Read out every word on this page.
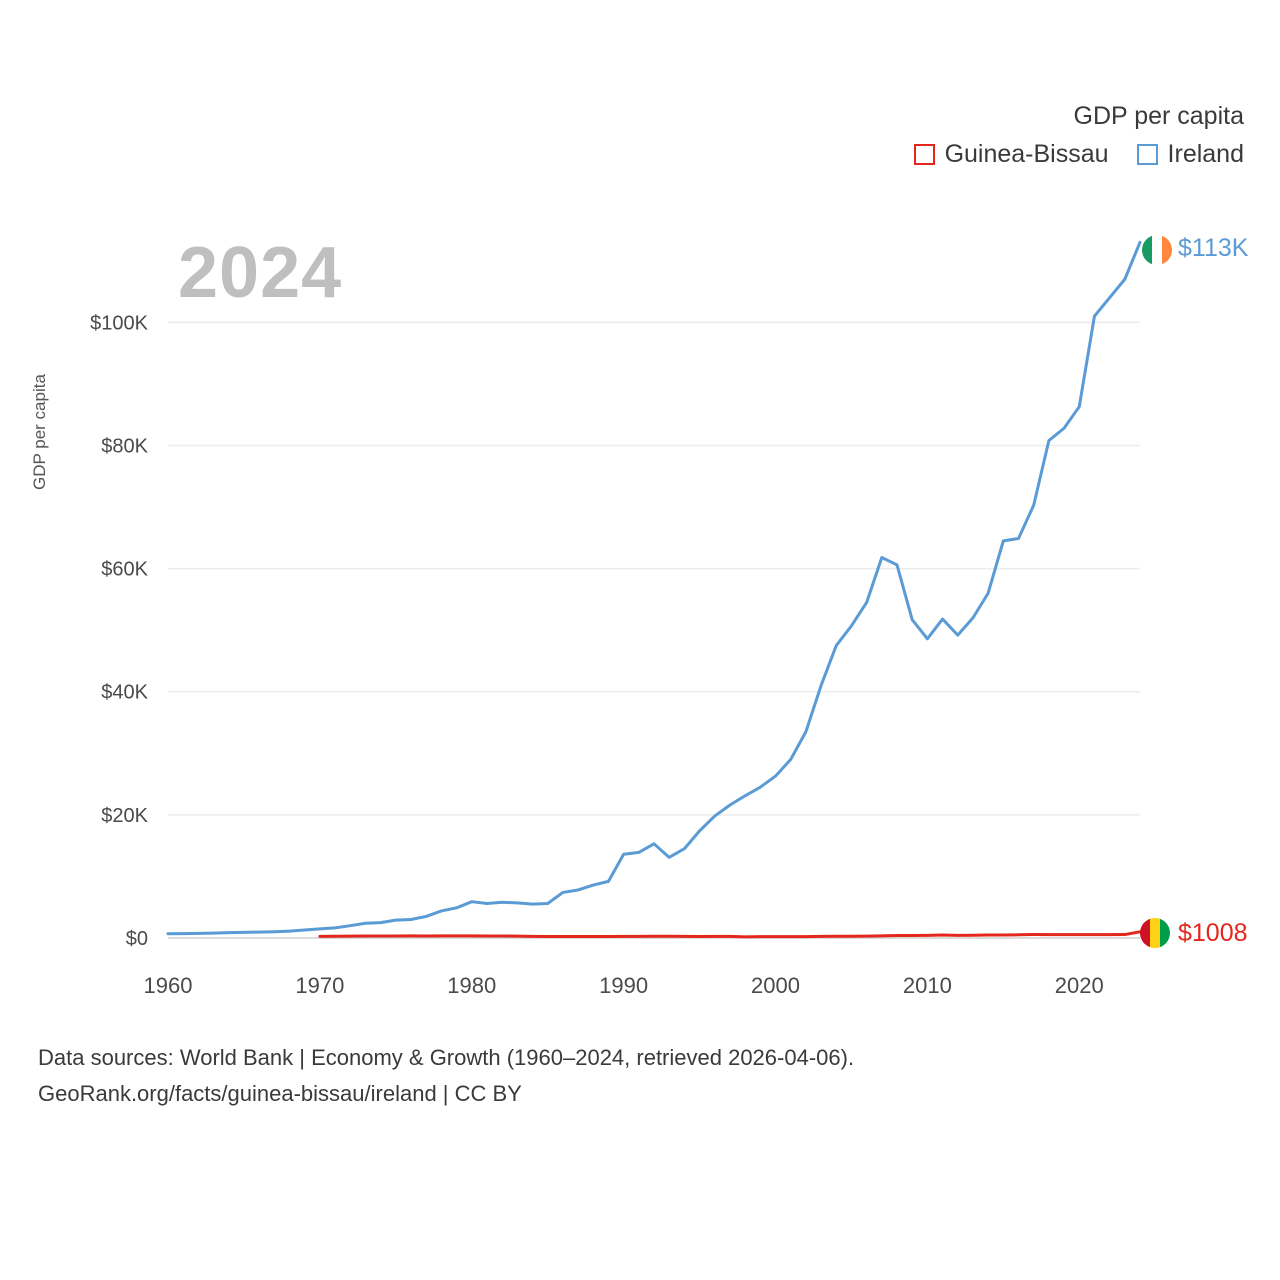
GDP per capita
Guinea-Bissau Ireland
2024
GDP per capita
$0
$20K
$40K
$60K
$80K
$100K
1960	1970	1980	1990	2000	2010	2020
$113K
$1008
Data sources: World Bank | Economy & Growth (1960–2024, retrieved 2026-04-06).
GeoRank.org/facts/guinea-bissau/ireland | CC BY
